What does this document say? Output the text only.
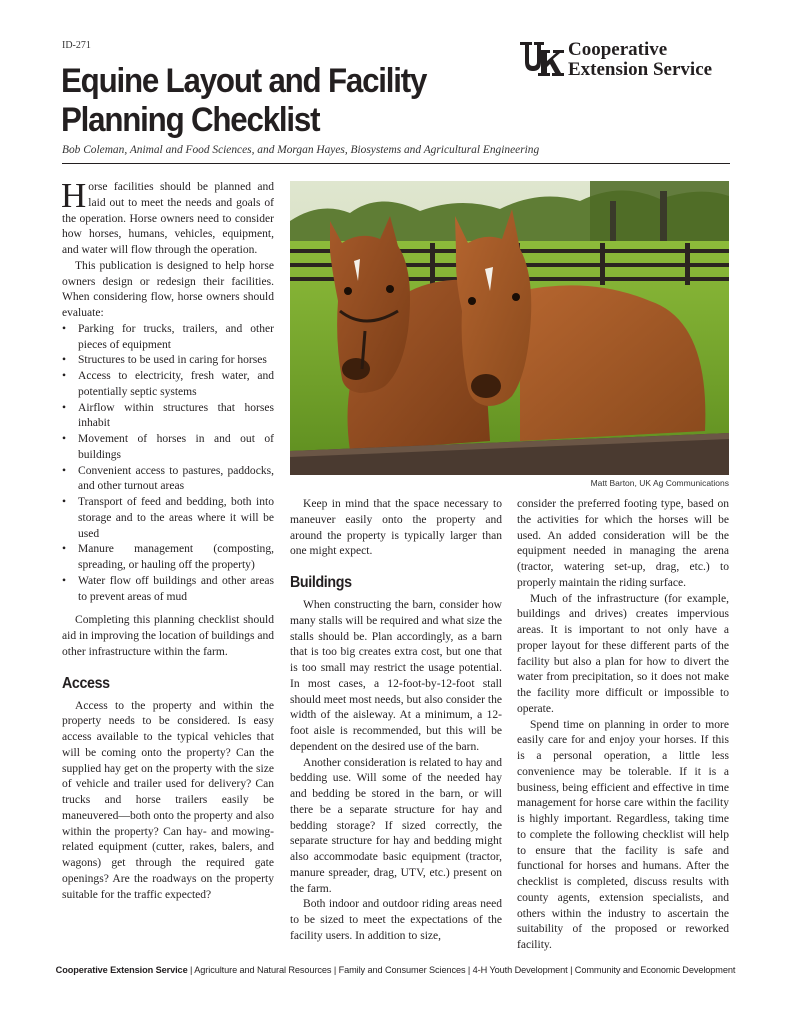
ID-271
Equine Layout and Facility
Planning Checklist
Cooperative
Extension Service
Bob Coleman, Animal and Food Sciences, and Morgan Hayes, Biosystems and Agricultural Engineering
Matt Barton, UK Ag Communications

Horse facilities should be planned and laid out to meet the needs and goals of the operation. Horse owners need to consider how horses, humans, vehicles, equipment, and water will flow through the operation.

This publication is designed to help horse owners design or redesign their facilities. When considering flow, horse owners should evaluate:

• Parking for trucks, trailers, and other pieces of equipment
• Structures to be used in caring for horses
• Access to electricity, fresh water, and potentially septic systems
• Airflow within structures that horses inhabit
• Movement of horses in and out of buildings
• Convenient access to pastures, paddocks, and other turnout areas
• Transport of feed and bedding, both into storage and to the areas where it will be used
• Manure management (composting, spreading, or hauling off the property)
• Water flow off buildings and other areas to prevent areas of mud

Completing this planning checklist should aid in improving the location of buildings and other infrastructure within the farm.

Access

Access to the property and within the property needs to be considered. Is easy access available to the typical vehicles that will be coming onto the property? Can the supplied hay get on the property with the size of vehicle and trailer used for delivery? Can trucks and horse trailers easily be maneuvered—both onto the property and also within the property? Can hay- and mowing-related equipment (cutter, rakes, balers, and wagons) get through the required gate openings? Are the roadways on the property suitable for the traffic expected?

Keep in mind that the space necessary to maneuver easily onto the property and around the property is typically larger than one might expect.

Buildings

When constructing the barn, consider how many stalls will be required and what size the stalls should be. Plan accordingly, as a barn that is too big creates extra cost, but one that is too small may restrict the usage potential. In most cases, a 12-foot-by-12-foot stall should meet most needs, but also consider the width of the aisleway. At a minimum, a 12-foot aisle is recommended, but this will be dependent on the desired use of the barn.

Another consideration is related to hay and bedding use. Will some of the needed hay and bedding be stored in the barn, or will there be a separate structure for hay and bedding storage? If sized correctly, the separate structure for hay and bedding might also accommodate basic equipment (tractor, manure spreader, drag, UTV, etc.) present on the farm.

Both indoor and outdoor riding areas need to be sized to meet the expectations of the facility users. In addition to size,

consider the preferred footing type, based on the activities for which the horses will be used. An added consideration will be the equipment needed in managing the arena (tractor, watering set-up, drag, etc.) to properly maintain the riding surface.

Much of the infrastructure (for example, buildings and drives) creates impervious areas. It is important to not only have a proper layout for these different parts of the facility but also a plan for how to divert the water from precipitation, so it does not make the facility more difficult or impossible to operate.

Spend time on planning in order to more easily care for and enjoy your horses. If this is a personal operation, a little less convenience may be tolerable. If it is a business, being efficient and effective in time management for horse care within the facility is highly important. Regardless, taking time to complete the following checklist will help to ensure that the facility is safe and functional for horses and humans. After the checklist is completed, discuss results with county agents, extension specialists, and others within the industry to ascertain the suitability of the proposed or reworked facility.

Cooperative Extension Service | Agriculture and Natural Resources | Family and Consumer Sciences | 4-H Youth Development | Community and Economic Development
